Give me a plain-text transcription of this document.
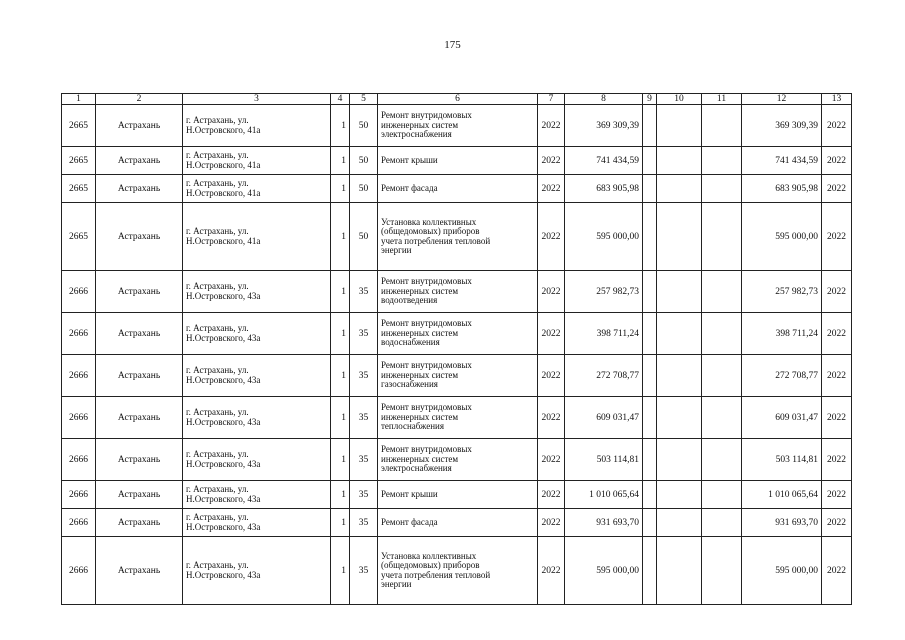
175
1	2	3	4	5	6	7	8	9	10	11	12	13
2665	Астрахань	г. Астрахань, ул.
Н.Островского, 41а	1	50	Ремонт внутридомовых
инженерных систем
электроснабжения	2022	369 309,39				369 309,39	2022
2665	Астрахань	г. Астрахань, ул.
Н.Островского, 41а	1	50	Ремонт крыши	2022	741 434,59				741 434,59	2022
2665	Астрахань	г. Астрахань, ул.
Н.Островского, 41а	1	50	Ремонт фасада	2022	683 905,98				683 905,98	2022
2665	Астрахань	г. Астрахань, ул.
Н.Островского, 41а	1	50	Установка коллективных
(общедомовых) приборов
учета потребления тепловой
энергии	2022	595 000,00				595 000,00	2022
2666	Астрахань	г. Астрахань, ул.
Н.Островского, 43а	1	35	Ремонт внутридомовых
инженерных систем
водоотведения	2022	257 982,73				257 982,73	2022
2666	Астрахань	г. Астрахань, ул.
Н.Островского, 43а	1	35	Ремонт внутридомовых
инженерных систем
водоснабжения	2022	398 711,24				398 711,24	2022
2666	Астрахань	г. Астрахань, ул.
Н.Островского, 43а	1	35	Ремонт внутридомовых
инженерных систем
газоснабжения	2022	272 708,77				272 708,77	2022
2666	Астрахань	г. Астрахань, ул.
Н.Островского, 43а	1	35	Ремонт внутридомовых
инженерных систем
теплоснабжения	2022	609 031,47				609 031,47	2022
2666	Астрахань	г. Астрахань, ул.
Н.Островского, 43а	1	35	Ремонт внутридомовых
инженерных систем
электроснабжения	2022	503 114,81				503 114,81	2022
2666	Астрахань	г. Астрахань, ул.
Н.Островского, 43а	1	35	Ремонт крыши	2022	1 010 065,64				1 010 065,64	2022
2666	Астрахань	г. Астрахань, ул.
Н.Островского, 43а	1	35	Ремонт фасада	2022	931 693,70				931 693,70	2022
2666	Астрахань	г. Астрахань, ул.
Н.Островского, 43а	1	35	Установка коллективных
(общедомовых) приборов
учета потребления тепловой
энергии	2022	595 000,00				595 000,00	2022
